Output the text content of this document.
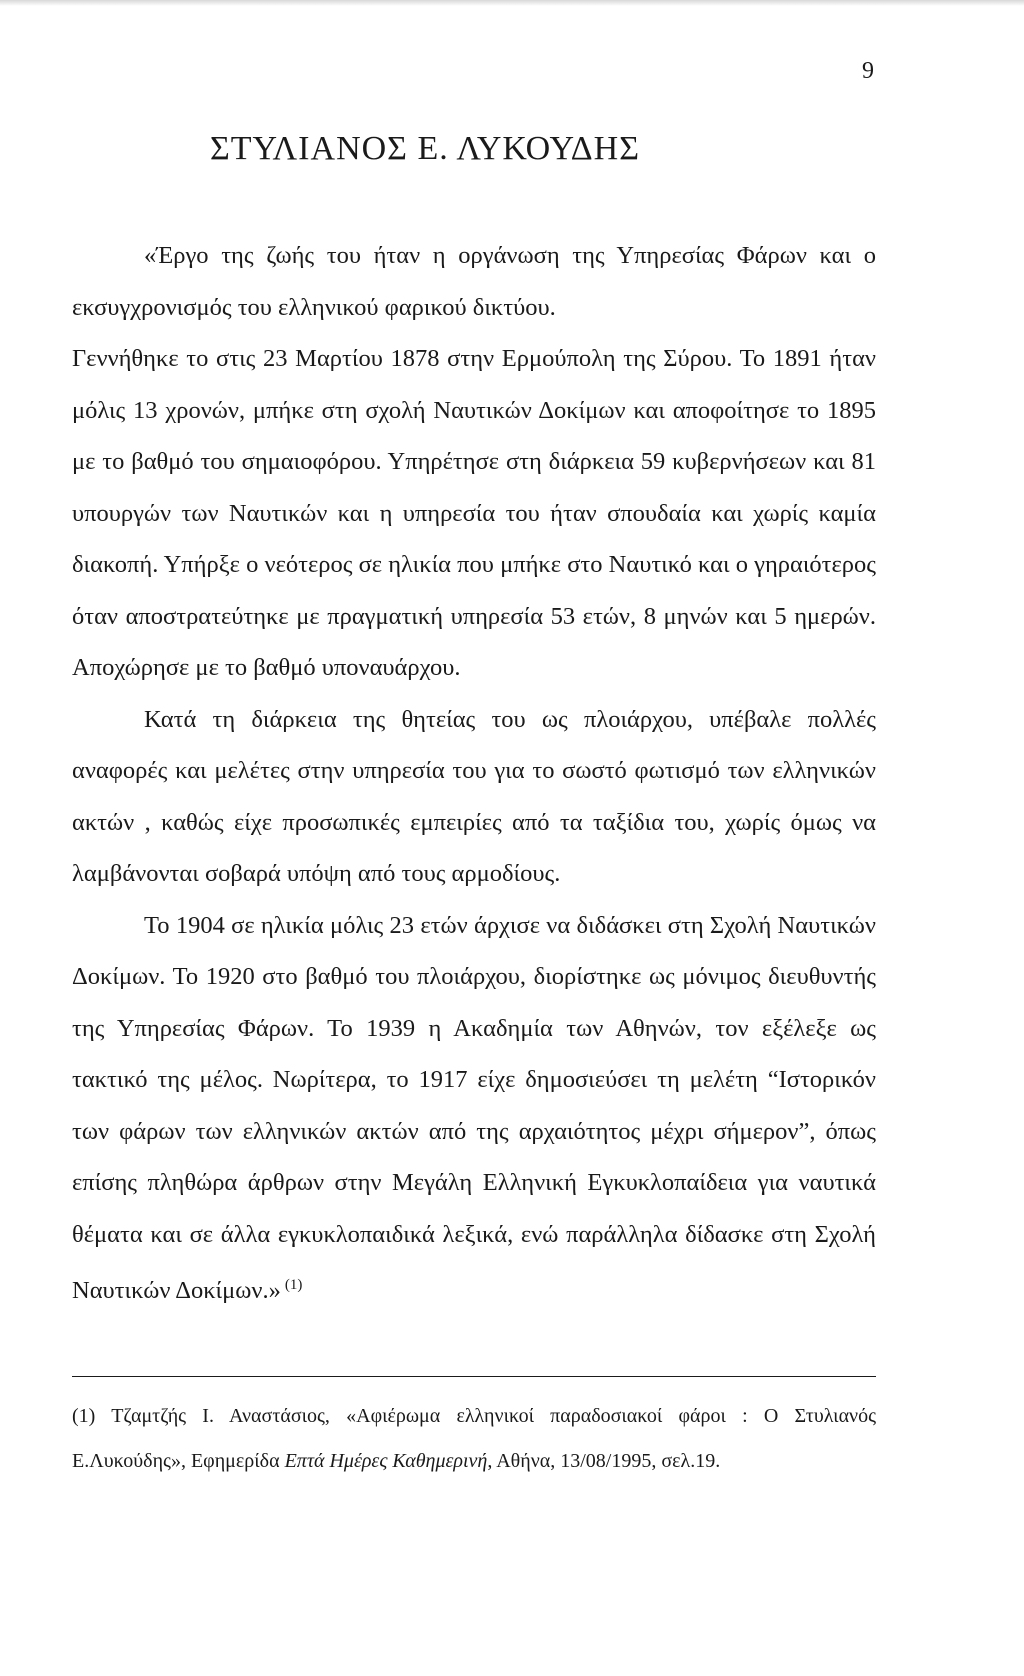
9
ΣΤΥΛΙΑΝΟΣ Ε. ΛΥΚΟΥΔΗΣ

«Έργο της ζωής του ήταν η οργάνωση της Υπηρεσίας Φάρων και ο εκσυγχρονισμός του ελληνικού φαρικού δικτύου.

Γεννήθηκε το στις 23 Μαρτίου 1878 στην Ερμούπολη της Σύρου. Το 1891 ήταν μόλις 13 χρονών, μπήκε στη σχολή Ναυτικών Δοκίμων και αποφοίτησε το 1895 με το βαθμό του σημαιοφόρου. Υπηρέτησε στη διάρκεια 59 κυβερνήσεων και 81 υπουργών των Ναυτικών και η υπηρεσία του ήταν σπουδαία και χωρίς καμία διακοπή. Υπήρξε ο νεότερος σε ηλικία που μπήκε στο Ναυτικό και ο γηραιότερος όταν αποστρατεύτηκε με πραγματική υπηρεσία 53 ετών, 8 μηνών και 5 ημερών. Αποχώρησε με το βαθμό υποναυάρχου.

Κατά τη διάρκεια της θητείας του ως πλοιάρχου, υπέβαλε πολλές αναφορές και μελέτες στην υπηρεσία του για το σωστό φωτισμό των ελληνικών ακτών , καθώς είχε προσωπικές εμπειρίες από τα ταξίδια του, χωρίς όμως να λαμβάνονται σοβαρά υπόψη από τους αρμοδίους.

Το 1904 σε ηλικία μόλις 23 ετών άρχισε να διδάσκει στη Σχολή Ναυτικών Δοκίμων. Το 1920 στο βαθμό του πλοιάρχου, διορίστηκε ως μόνιμος διευθυντής της Υπηρεσίας Φάρων. Το 1939 η Ακαδημία των Αθηνών, τον εξέλεξε ως τακτικό της μέλος. Νωρίτερα, το 1917 είχε δημοσιεύσει τη μελέτη “Ιστορικόν των φάρων των ελληνικών ακτών από της αρχαιότητος μέχρι σήμερον”, όπως επίσης πληθώρα άρθρων στην Μεγάλη Ελληνική Εγκυκλοπαίδεια για ναυτικά θέματα και σε άλλα εγκυκλοπαιδικά λεξικά, ενώ παράλληλα δίδασκε στη Σχολή Ναυτικών Δοκίμων.» $^{(1)}$

(1) Τζαμτζής Ι. Αναστάσιος, «Αφιέρωμα ελληνικοί παραδοσιακοί φάροι : Ο Στυλιανός Ε.Λυκούδης», Εφημερίδα Επτά Ημέρες Καθημερινή, Αθήνα, 13/08/1995, σελ.19.
